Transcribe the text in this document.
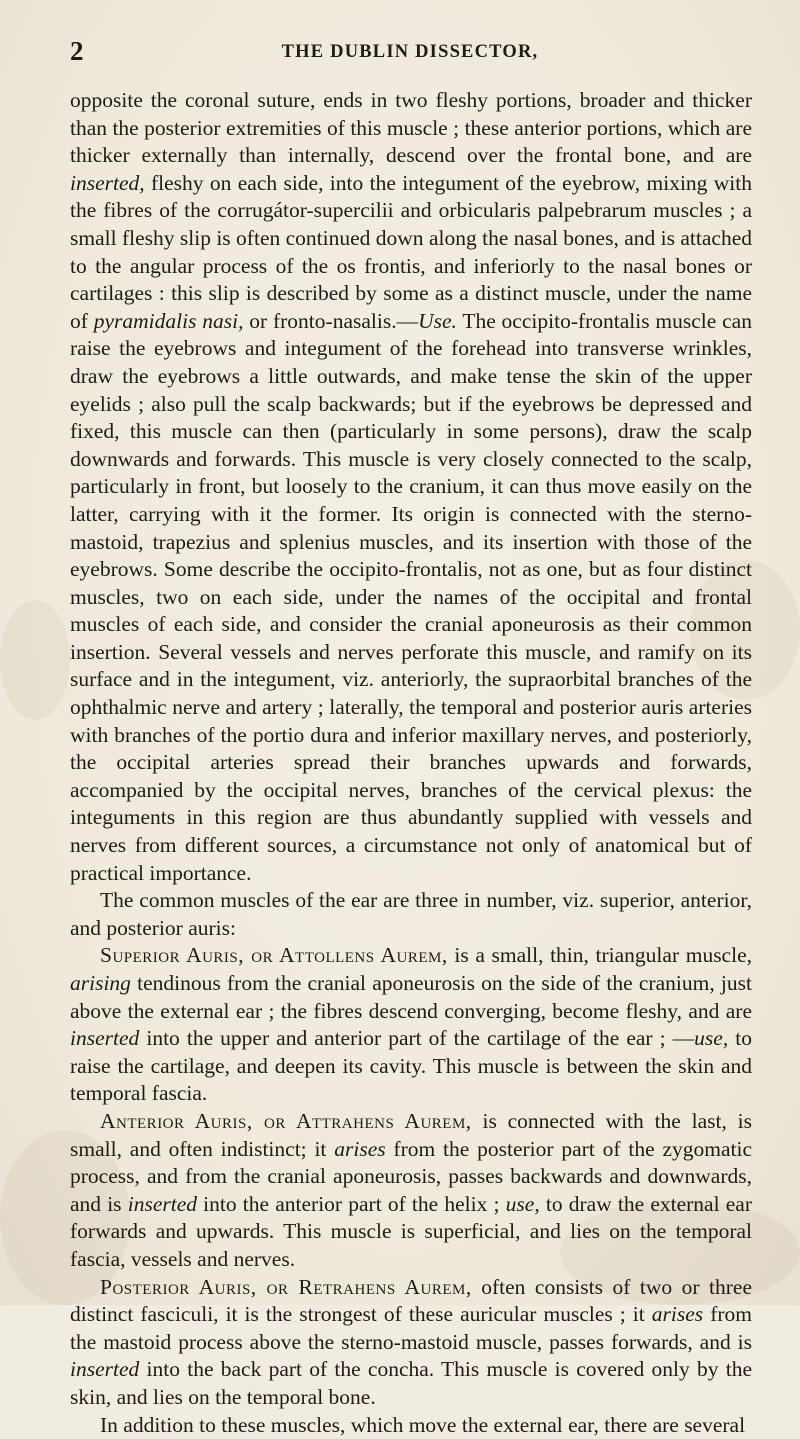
2	THE DUBLIN DISSECTOR,

opposite the coronal suture, ends in two fleshy portions, broader and thicker than the posterior extremities of this muscle ; these anterior portions, which are thicker externally than internally, descend over the frontal bone, and are inserted, fleshy on each side, into the integument of the eyebrow, mixing with the fibres of the corrugátor-supercilii and orbicularis palpebrarum muscles ; a small fleshy slip is often continued down along the nasal bones, and is attached to the angular process of the os frontis, and inferiorly to the nasal bones or cartilages : this slip is described by some as a distinct muscle, under the name of pyramidalis nasi, or fronto-nasalis.—Use. The occipito-frontalis muscle can raise the eyebrows and integument of the forehead into transverse wrinkles, draw the eyebrows a little outwards, and make tense the skin of the upper eyelids ; also pull the scalp backwards; but if the eyebrows be depressed and fixed, this muscle can then (particularly in some persons), draw the scalp downwards and forwards. This muscle is very closely connected to the scalp, particularly in front, but loosely to the cranium, it can thus move easily on the latter, carrying with it the former. Its origin is connected with the sterno-mastoid, trapezius and splenius muscles, and its insertion with those of the eyebrows. Some describe the occipito-frontalis, not as one, but as four distinct muscles, two on each side, under the names of the occipital and frontal muscles of each side, and consider the cranial aponeurosis as their common insertion. Several vessels and nerves perforate this muscle, and ramify on its surface and in the integument, viz. anteriorly, the supraorbital branches of the ophthalmic nerve and artery ; laterally, the temporal and posterior auris arteries with branches of the portio dura and inferior maxillary nerves, and posteriorly, the occipital arteries spread their branches upwards and forwards, accompanied by the occipital nerves, branches of the cervical plexus: the integuments in this region are thus abundantly supplied with vessels and nerves from different sources, a circumstance not only of anatomical but of practical importance.

The common muscles of the ear are three in number, viz. superior, anterior, and posterior auris:

Superior Auris, or Attollens Aurem, is a small, thin, triangular muscle, arising tendinous from the cranial aponeurosis on the side of the cranium, just above the external ear ; the fibres descend converging, become fleshy, and are inserted into the upper and anterior part of the cartilage of the ear ; —use, to raise the cartilage, and deepen its cavity. This muscle is between the skin and temporal fascia.

Anterior Auris, or Attrahens Aurem, is connected with the last, is small, and often indistinct; it arises from the posterior part of the zygomatic process, and from the cranial aponeurosis, passes backwards and downwards, and is inserted into the anterior part of the helix ; use, to draw the external ear forwards and upwards. This muscle is superficial, and lies on the temporal fascia, vessels and nerves.

Posterior Auris, or Retrahens Aurem, often consists of two or three distinct fasciculi, it is the strongest of these auricular muscles ; it arises from the mastoid process above the sterno-mastoid muscle, passes forwards, and is inserted into the back part of the concha. This muscle is covered only by the skin, and lies on the temporal bone.

In addition to these muscles, which move the external ear, there are several
